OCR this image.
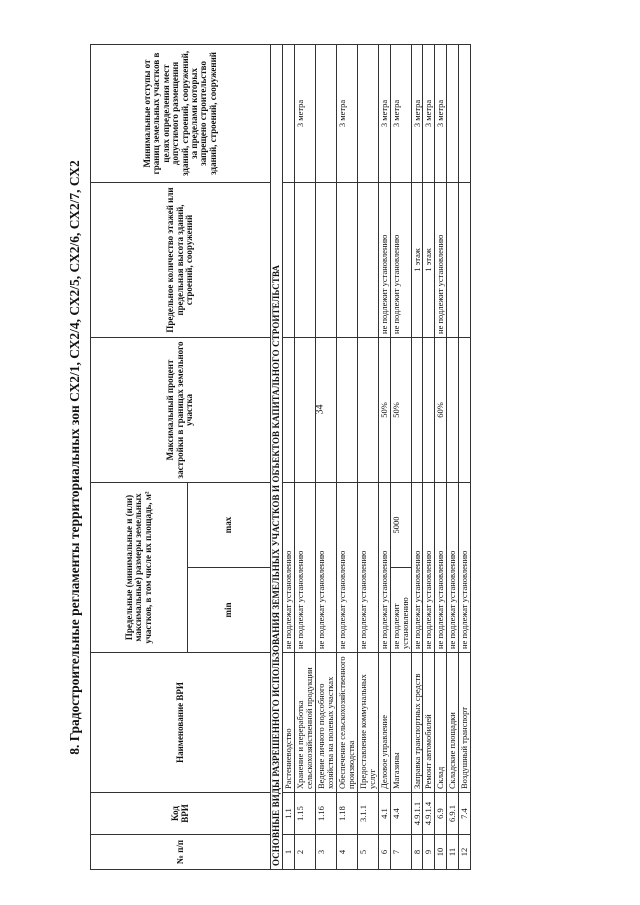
34
8. Градостроительные регламенты территориальных зон СХ2/1, СХ2/4, СХ2/5, СХ2/6, СХ2/7, СХ2
№ п/п	Код ВРИ	Наименование ВРИ	Предельные (минимальные и (или) максимальные) размеры земельных участков, в том числе их площадь, м²		Максимальный процент застройки в границах земельного участка	Предельное количество этажей или предельная высота зданий, строений, сооружений	Минимальные отступы от границ земельных участков в целях определения мест допустимого размещения зданий, строений, сооружений, за пределами которых запрещено строительство зданий, строений, сооружений
			min	max			
ОСНОВНЫЕ ВИДЫ РАЗРЕШЕННОГО ИСПОЛЬЗОВАНИЯ ЗЕМЕЛЬНЫХ УЧАСТКОВ И ОБЪЕКТОВ КАПИТАЛЬНОГО СТРОИТЕЛЬСТВА							
1	1.1	Растениеводство	не подлежат установлению				
2	1.15	Хранение и переработка сельскохозяйственной продукции	не подлежат установлению				3 метра
3	1.16	Ведение личного подсобного хозяйства на полевых участках	не подлежат установлению				
4	1.18	Обеспечение сельскохозяйственного производства	не подлежат установлению				3 метра
5	3.1.1	Предоставление коммунальных услуг	не подлежат установлению				
6	4.1	Деловое управление	не подлежат установлению		50%	не подлежит установлению	3 метра
7	4.4	Магазины	не подлежит установлению	5000	50%	не подлежит установлению	3 метра
8	4.9.1.1	Заправка транспортных средств	не подлежат установлению			1 этаж	3 метра
9	4.9.1.4	Ремонт автомобилей	не подлежат установлению			1 этаж	3 метра
10	6.9	Склад	не подлежат установлению		60%	не подлежит установлению	3 метра
11	6.9.1	Складские площадки	не подлежат установлению				
12	7.4	Воздушный транспорт	не подлежат установлению				
